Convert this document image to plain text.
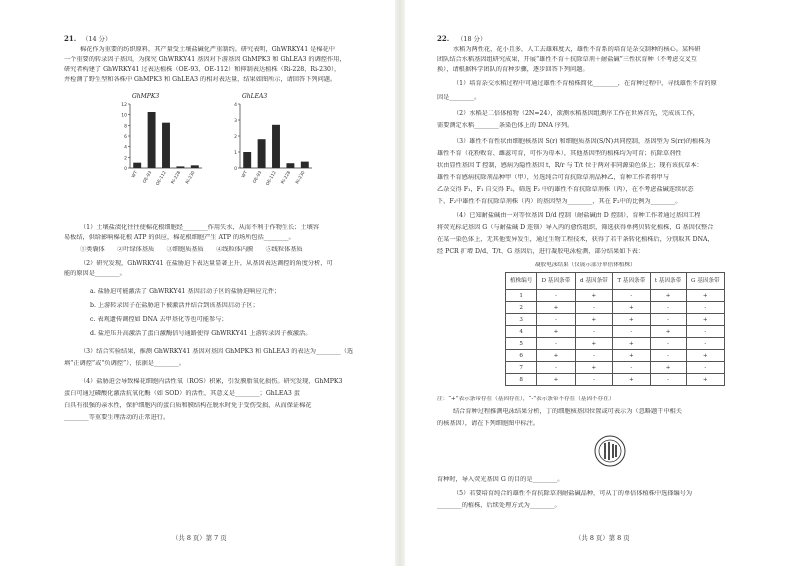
21. （14 分）
棉花作为重要的纺织原料，其产量受土壤盐碱化严重制约。研究表明，GhWRKY41 是棉花中
一个重要的转录因子基因，为探究 GhWRKY41 基因对下游基因 GhMPK3 和 GhLEA3 的调控作用，
研究者构建了 GhWRKY41 过表达植株（OE-93、OE-112）和抑制表达植株（Ri-228、Ri-230），
并检测了野生型和各株中 GhMPK3 和 GhLEA3 的相对表达量，结果如图所示，请回答下列问题。
GhMPK3
0
2
4
6
8
10
12
WT OE-93 OE-112 Ri-228 Ri-230
GhLEA3
0
1
2
3
4
WT OE-93 OE-112 Ri-228 Ri-230
（1）土壤盐渍化往往使棉花根细胞经________作用失水，从而不利于作物生长；土壤容
易板结，供给影响棉花根 ATP 的供应，棉花根细胞产生 ATP 的场所包括________。
①类囊体　　②叶绿体基质　　③细胞质基质　　④线粒体内膜　　⑤线粒体基质
（2）研究发现，GhWRKY41 在盐胁迫下表达量显著上升，从基因表达调控的角度分析，可
能的原因是________。
a. 盐胁迫可能激活了 GhWRKY41 基因启动子区的盐胁迫响应元件；
b. 上游转录因子在盐胁迫下被激活并结合到该基因启动子区；
c. 表观遗传调控如 DNA 去甲基化等也可能参与；
d. 盐逆压升高激活了蛋白激酶信号通路使得 GhWRKY41 上游转录因子被激活。
（3）结合实验结果，推测 GhWRKY41 基因对基因 GhMPK3 和 GhLEA3 的表达为________（选
填“正调控”或“负调控”），依据是________。
（4）盐胁迫会导致棉花细胞内活性氧（ROS）积累，引发膜脂氧化损伤。研究发现，GhMPK3
蛋白可通过磷酸化激活抗氧化酶（如 SOD）的活性，其意义是________；GhLEA3 蛋
白具有很强的亲水性，保护细胞内的蛋白质和膜结构在脱水时免于受伤受损，从而保证棉花
________等重要生理活动的正常进行。
（共 8 页）第 7 页
22. （18 分）
水稻为两性花，花小且多，人工去雄难度大，雄性不育系的培育是杂交制种的核心。某科研
团队结合水稻基因组研究成果，开展“雄性不育＋抗除草剂＋耐盐碱”三性状育种（不考虑交叉互
换），请根据科学团队的育种步骤，逐步回答下列问题。
（1）培育杂交水稻过程中可通过雄性不育植株简化________，在育种过程中，寻找雄性不育的原
因是________。
（2）水稻是二倍体植物（2N=24），欲测水稻基因组测序工作在世界首先，完成该工作，
需要测定水稻________条染色体上的 DNA 序列。
（3）雄性不育性状由细胞核基因 S(r) 和细胞质基因(S/N)共同控制，基因型为 S(rr)的植株为
雄性不育（花粉败育、雌蕊可育，可作为母本），其他基因型的植株均为可育；抗除草剂性
状由显性基因 T 控制，感病为隐性基因 t，R/r 与 T/t 位于两对非同源染色体上；现有该抗草本：
雄性不育感病抗除剂品种甲（甲），另选纯合可育抗除草剂品种乙，育种工作者将甲与
乙杂交得 F₁，F₁ 自交得 F₂，筛选 F₂ 中的雄性不育抗除草剂株（丙），在不考虑盐碱连续状态
下，F₂中雄性不育抗除草剂株（丙）的基因型为________，其在 F₂中的比例为________。
（4）已知耐盐碱由一对等位基因 D/d 控制（耐盐碱由 D 控制），育种工作者通过基因工程
将荧光标记基因 G（与耐盐碱 D 连锁）导入丙的愈伤组织，筛选获得单拷贝转化植株，G 基因仅整合
在某一染色体上，无其他变异发生，通过生物工程技术，获得了若干条转化植株后，分别取其 DNA，
经 PCR 扩增 D/d、T/t、G 基因后，进行凝胶电泳检测，部分结果如下表：
凝胶电泳结果（仅展示部分单倍体植株）
植株编号	D 基因条带	d 基因条带	T 基因条带	t 基因条带	G 基因条带
1	-	+	-	+	+
2	+	-	+	-	-
3	-	+	+	-	+
4	+	-	-	+	-
5	-	+	+	-	-
6	+	-	+	-	+
7	-	+	-	+	-
8	+	-	+	-	+
注：“+”表示条带存在（基因存在），“-”表示条带不存在（基因不存在）
结合育种过程推测电泳结果分析，丁的细胞核基因位置或可表示为（忽略题干中相关
的核基因），请在下列细胞图中标注。
育种时，导入荧光基因 G 的目的是________。
（5）若要培育纯合的雄性不育抗除草剂耐盐碱品种，可从丁的单倍体植株中选择编号为
________的植株，后续处理方式为________。
（共 8 页）第 8 页
